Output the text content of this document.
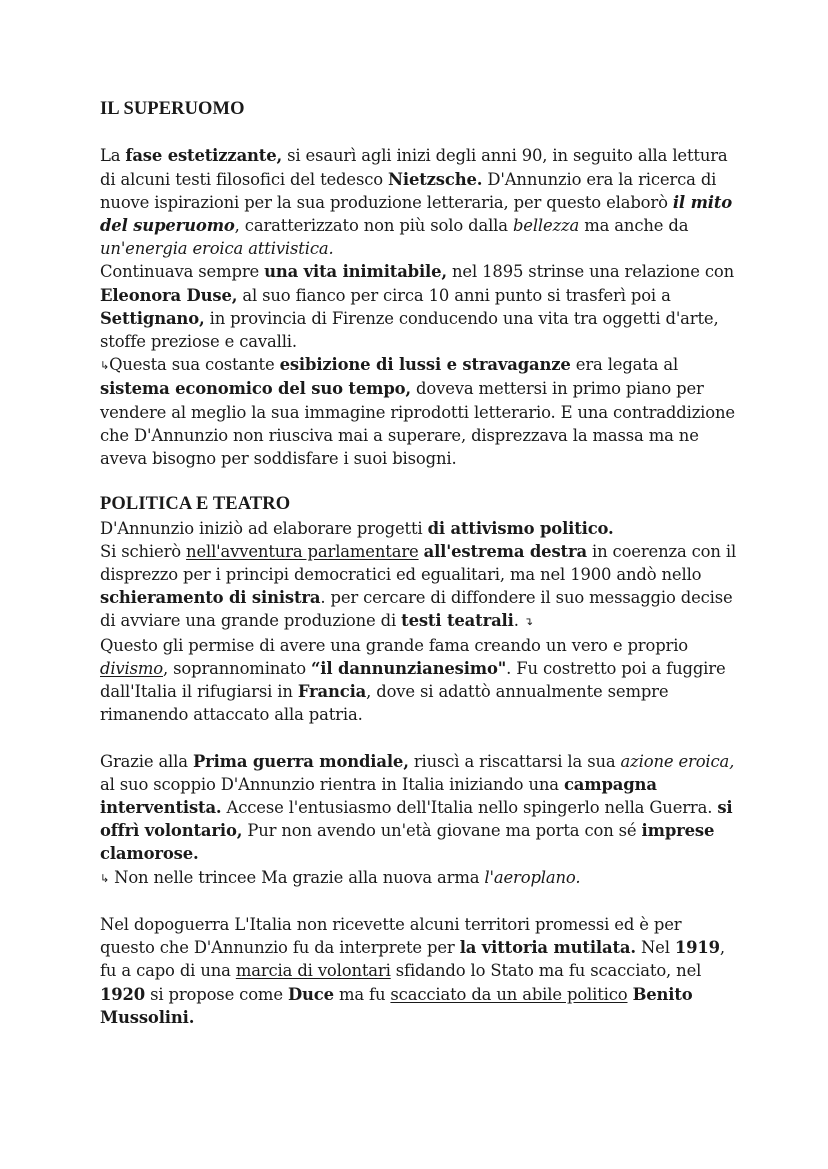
IL SUPERUOMO

La fase estetizzante, si esaurì agli inizi degli anni 90, in seguito alla lettura di alcuni testi filosofici del tedesco Nietzsche. D'Annunzio era la ricerca di nuove ispirazioni per la sua produzione letteraria, per questo elaborò il mito del superuomo, caratterizzato non più solo dalla bellezza ma anche da un'energia eroica attivistica.

Continuava sempre una vita inimitabile, nel 1895 strinse una relazione con Eleonora Duse, al suo fianco per circa 10 anni punto si trasferì poi a Settignano, in provincia di Firenze conducendo una vita tra oggetti d'arte, stoffe preziose e cavalli.

↳Questa sua costante esibizione di lussi e stravaganze era legata al sistema economico del suo tempo, doveva mettersi in primo piano per vendere al meglio la sua immagine riprodotti letterario. E una contraddizione che D'Annunzio non riusciva mai a superare, disprezzava la massa ma ne aveva bisogno per soddisfare i suoi bisogni.

POLITICA E TEATRO

D'Annunzio iniziò ad elaborare progetti di attivismo politico.
Si schierò nell'avventura parlamentare all'estrema destra in coerenza con il disprezzo per i principi democratici ed egualitari, ma nel 1900 andò nello schieramento di sinistra. per cercare di diffondere il suo messaggio decise di avviare una grande produzione di testi teatrali. ↴

Questo gli permise di avere una grande fama creando un vero e proprio divismo, soprannominato “il dannunzianesimo". Fu costretto poi a fuggire dall'Italia il rifugiarsi in Francia, dove si adattò annualmente sempre rimanendo attaccato alla patria.

Grazie alla Prima guerra mondiale, riuscì a riscattarsi la sua azione eroica, al suo scoppio D'Annunzio rientra in Italia iniziando una campagna interventista. Accese l'entusiasmo dell'Italia nello spingerlo nella Guerra. si offrì volontario, Pur non avendo un'età giovane ma porta con sé imprese clamorose.

↳ Non nelle trincee Ma grazie alla nuova arma l'aeroplano.

Nel dopoguerra L'Italia non ricevette alcuni territori promessi ed è per questo che D'Annunzio fu da interprete per la vittoria mutilata. Nel 1919, fu a capo di una marcia di volontari sfidando lo Stato ma fu scacciato, nel 1920 si propose come Duce ma fu scacciato da un abile politico Benito Mussolini.
